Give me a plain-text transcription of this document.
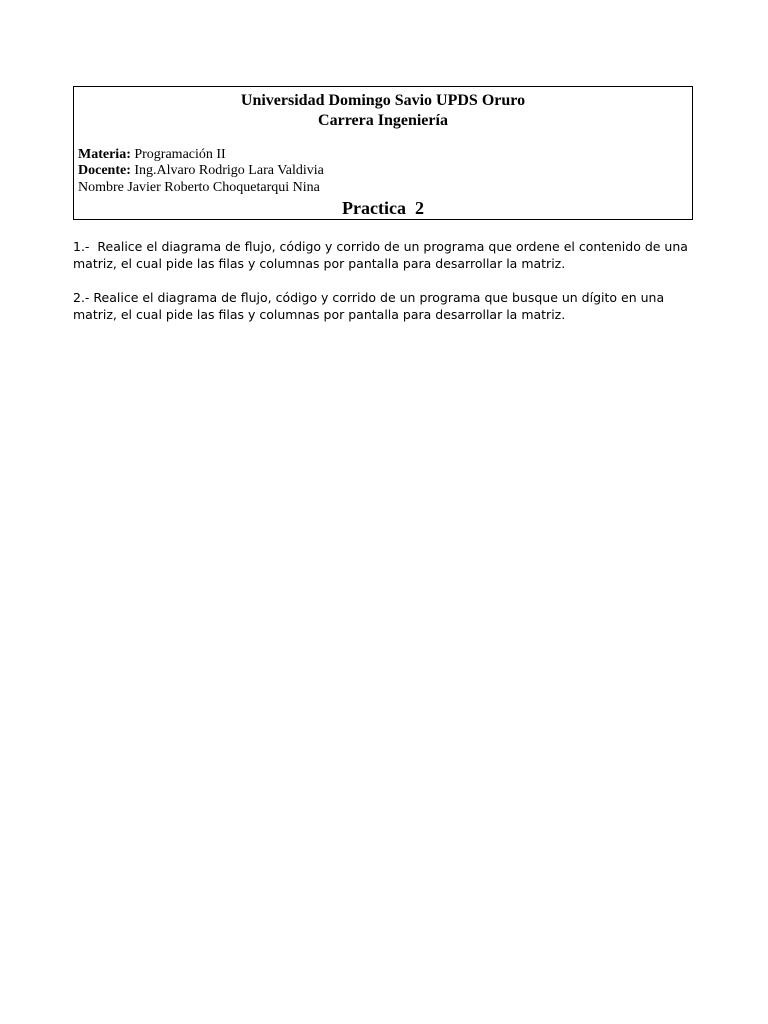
Universidad Domingo Savio UPDS Oruro
Carrera Ingeniería
Materia: Programación II
Docente: Ing.Alvaro Rodrigo Lara Valdivia
Nombre Javier Roberto Choquetarqui Nina
Practica  2
1.-  Realice el diagrama de flujo, código y corrido de un programa que ordene el contenido de una matriz, el cual pide las filas y columnas por pantalla para desarrollar la matriz.
2.- Realice el diagrama de flujo, código y corrido de un programa que busque un dígito en una matriz, el cual pide las filas y columnas por pantalla para desarrollar la matriz.
